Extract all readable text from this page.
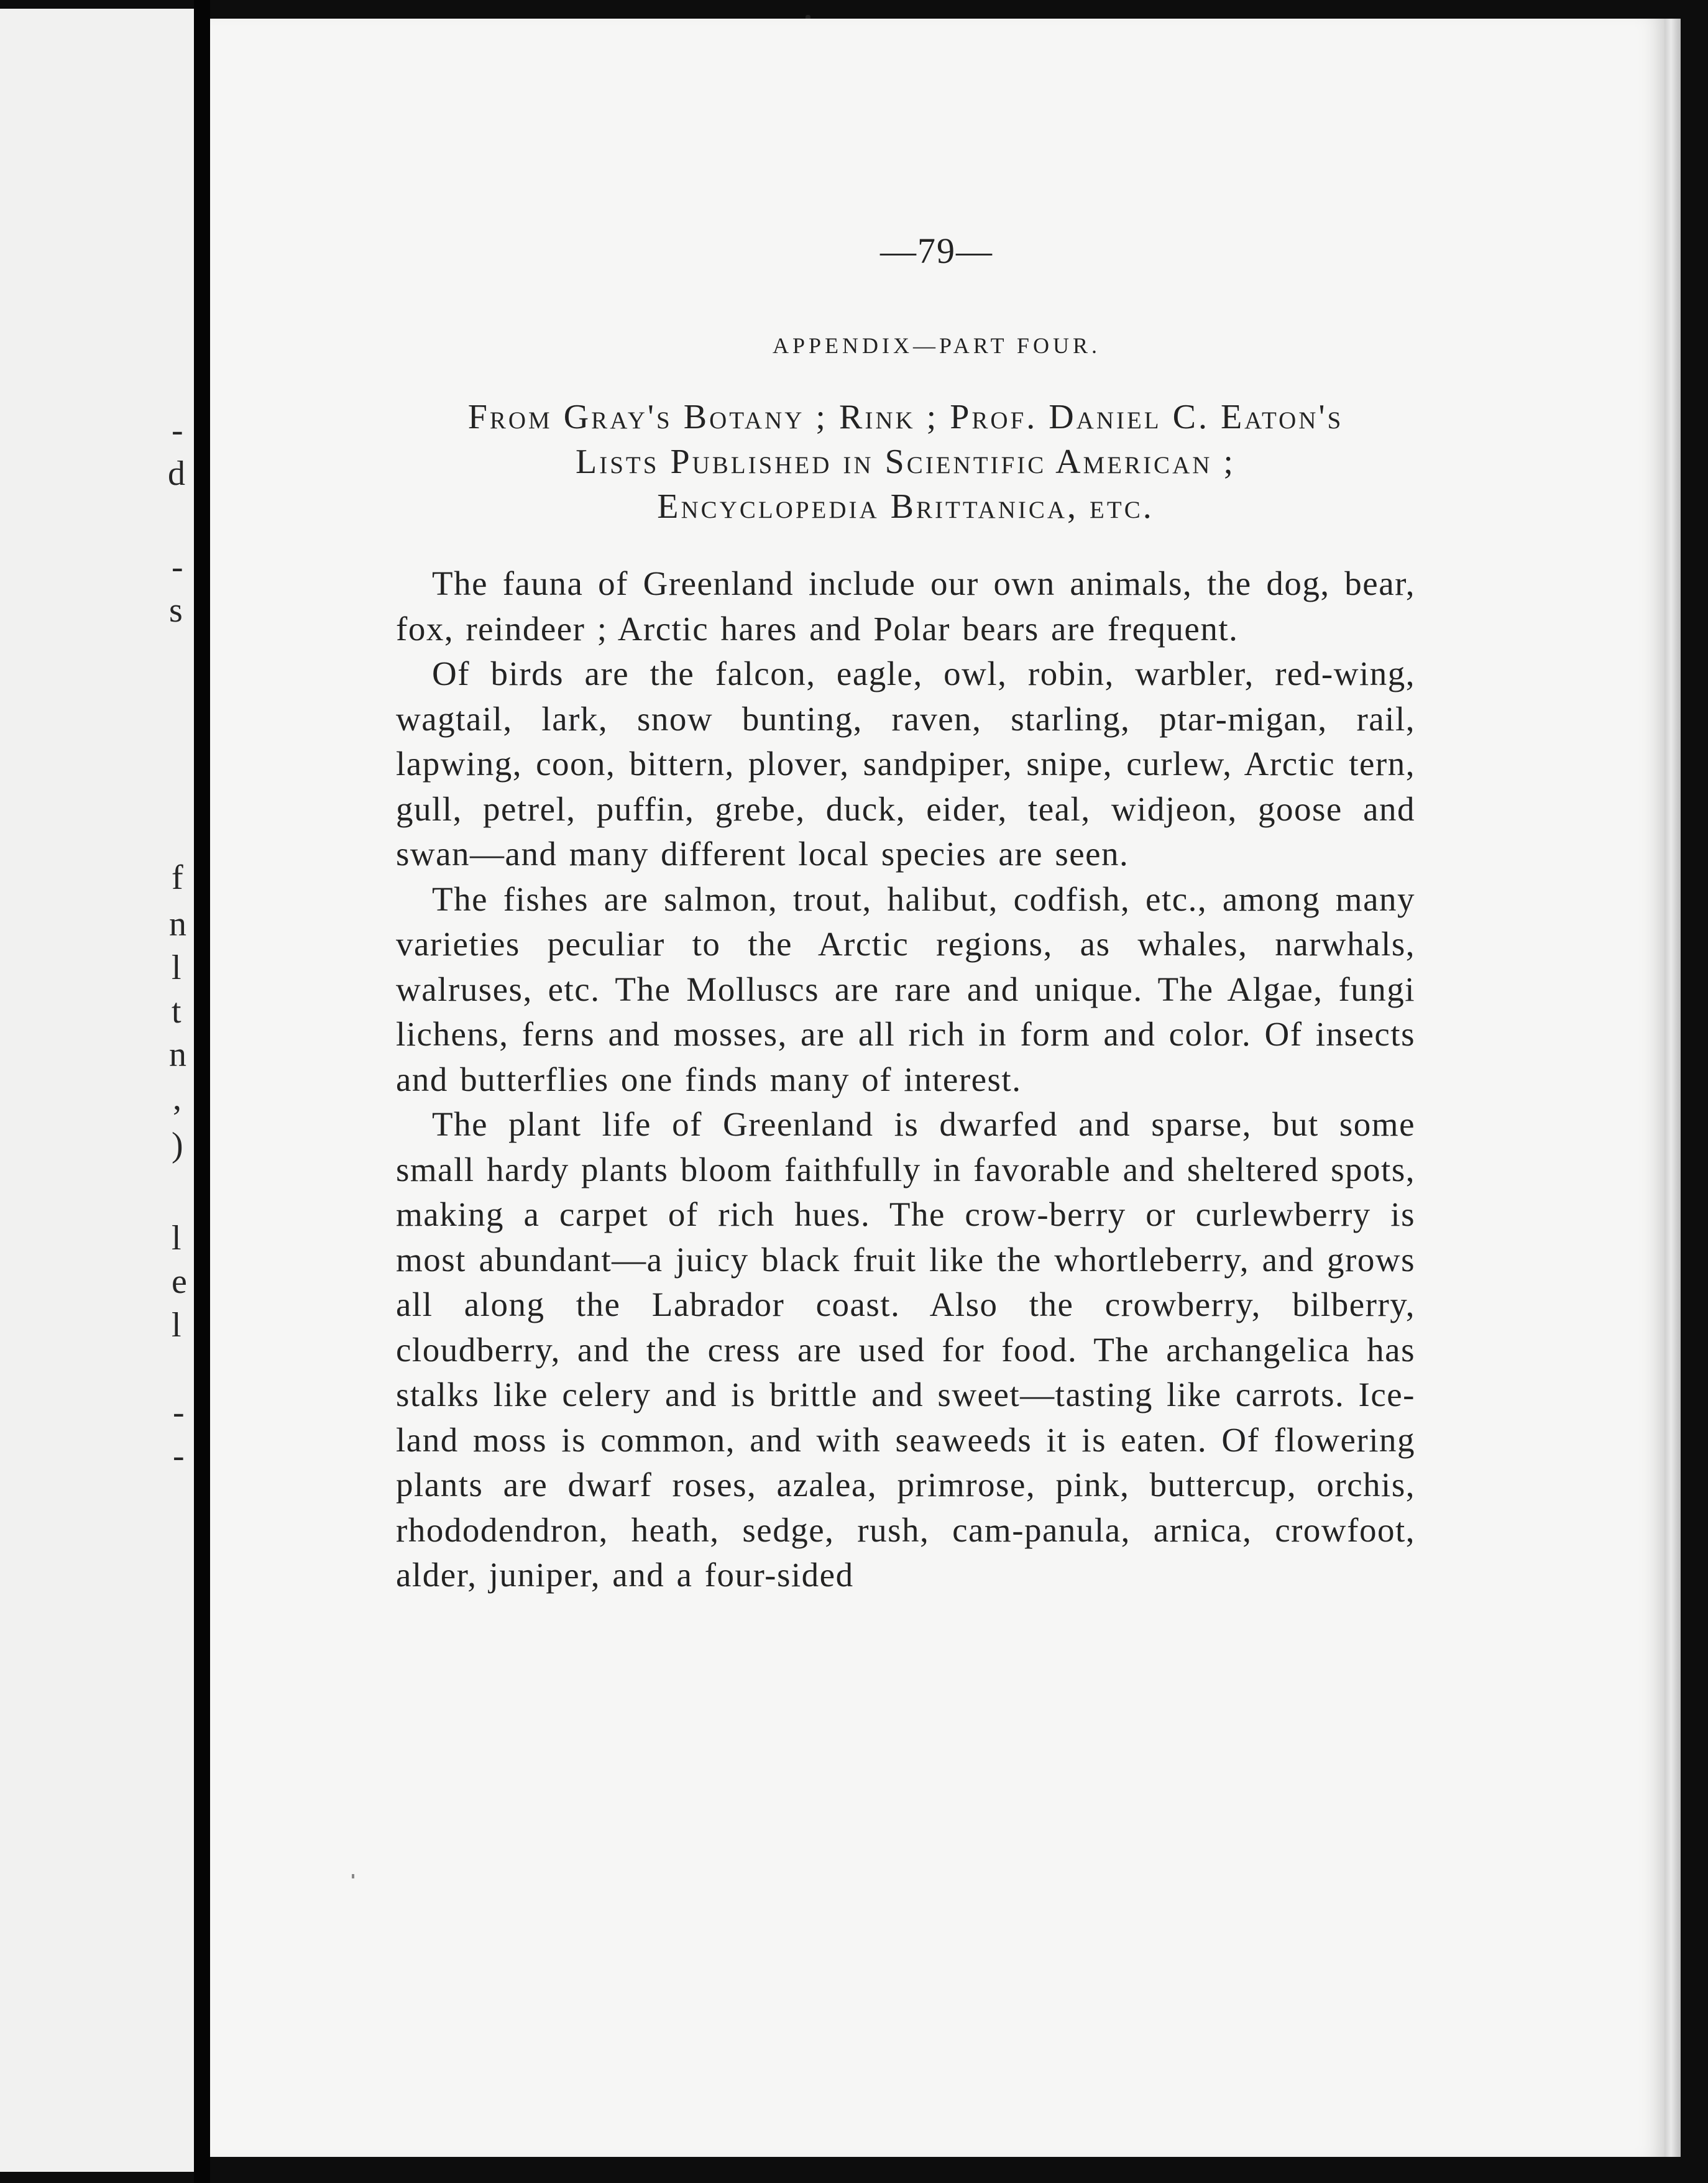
-
d
-
s
f
n
l
t
n
,
)
l
e
l
-
-
—79—
APPENDIX—PART FOUR.
From Gray's Botany ; Rink ; Prof. Daniel C. Eaton's
Lists Published in Scientific American ;
Encyclopedia Brittanica, etc.

The fauna of Greenland include our own animals, the dog, bear, fox, reindeer ; Arctic hares and Polar bears are frequent.

Of birds are the falcon, eagle, owl, robin, warbler, red-wing, wagtail, lark, snow bunting, raven, starling, ptar-migan, rail, lapwing, coon, bittern, plover, sandpiper, snipe, curlew, Arctic tern, gull, petrel, puffin, grebe, duck, eider, teal, widjeon, goose and swan—and many different local species are seen.

The fishes are salmon, trout, halibut, codfish, etc., among many varieties peculiar to the Arctic regions, as whales, narwhals, walruses, etc. The Molluscs are rare and unique. The Algae, fungi lichens, ferns and mosses, are all rich in form and color. Of insects and butterflies one finds many of interest.

The plant life of Greenland is dwarfed and sparse, but some small hardy plants bloom faithfully in favorable and sheltered spots, making a carpet of rich hues. The crow-berry or curlewberry is most abundant—a juicy black fruit like the whortleberry, and grows all along the Labrador coast. Also the crowberry, bilberry, cloudberry, and the cress are used for food. The archangelica has stalks like celery and is brittle and sweet—tasting like carrots. Ice-land moss is common, and with seaweeds it is eaten. Of flowering plants are dwarf roses, azalea, primrose, pink, buttercup, orchis, rhododendron, heath, sedge, rush, cam-panula, arnica, crowfoot, alder, juniper, and a four-sided
